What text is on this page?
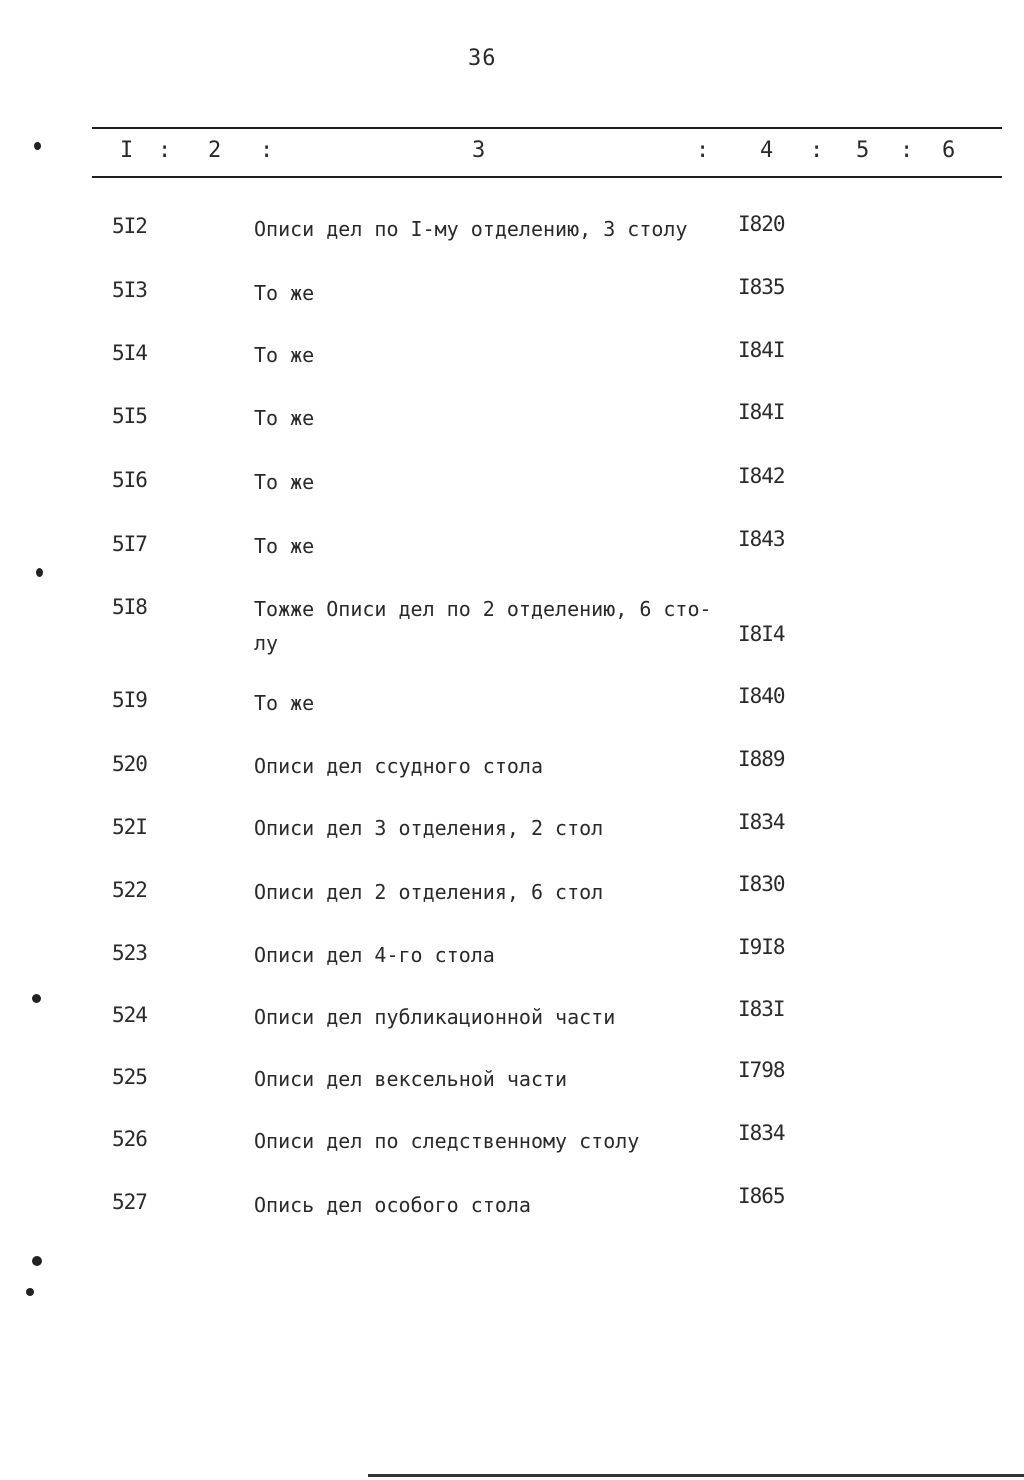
36
I : 2 :	3	: 4 : 5 : 6
5I2	Описи дел по I-му отделению, 3 столу	I820
5I3	То же	I835
5I4	То же	I84I
5I5	То же	I84I
5I6	То же	I842
5I7	То же	I843
5I8	Тожже Описи дел по 2 отделению, 6 сто-
лу	I8I4
5I9	То же	I840
520	Описи дел ссудного стола	I889
52I	Описи дел 3 отделения, 2 стол	I834
522	Описи дел 2 отделения, 6 стол	I830
523	Описи дел 4-го стола	I9I8
524	Описи дел публикационной части	I83I
525	Описи дел вексельной части	I798
526	Описи дел по следственному столу	I834
527	Опись дел особого стола	I865
